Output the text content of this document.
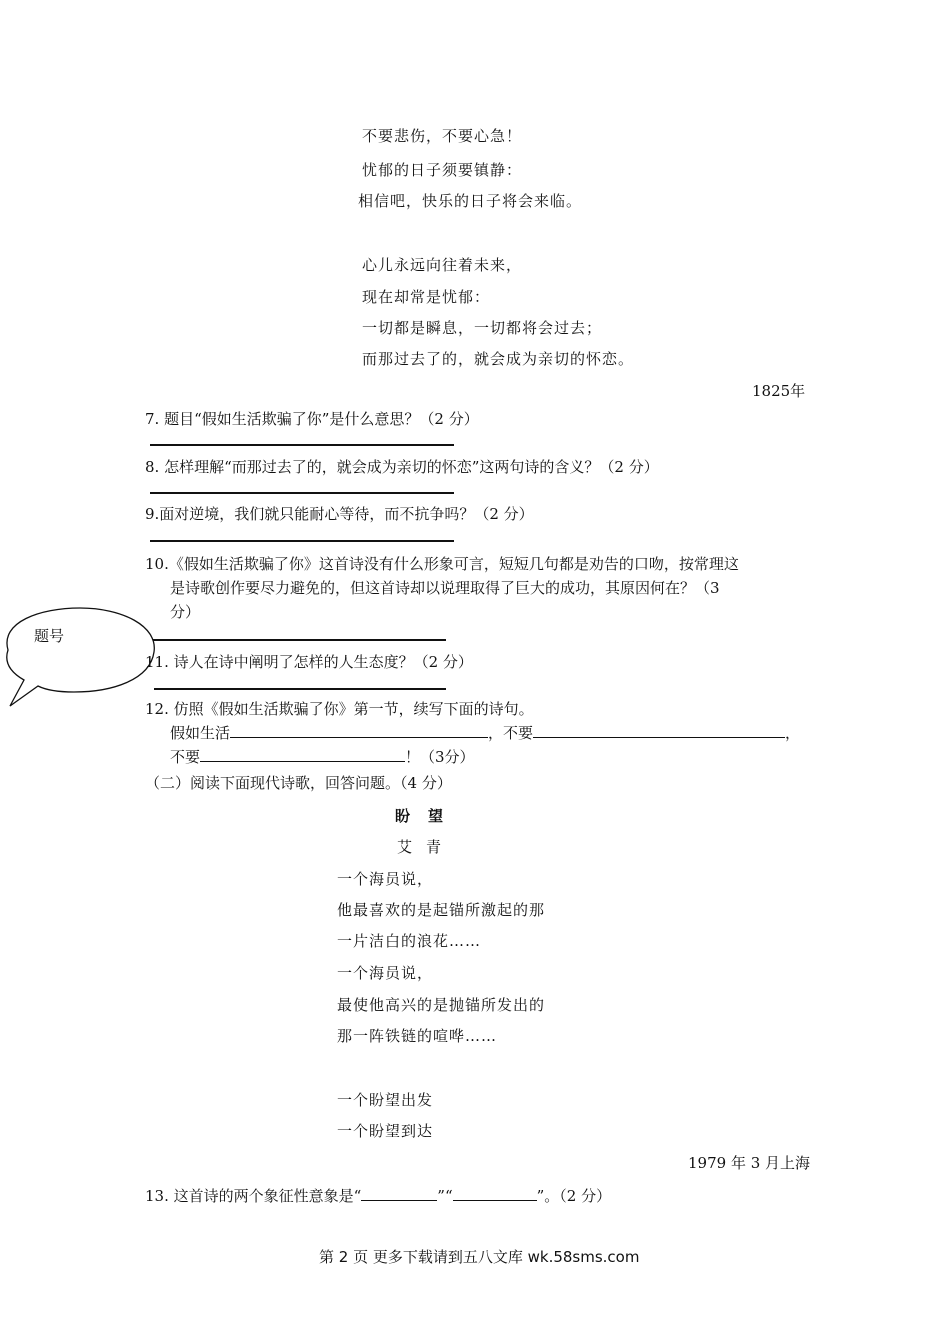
不要悲伤，不要心急！
忧郁的日子须要镇静：
相信吧，快乐的日子将会来临。
心儿永远向往着未来，
现在却常是忧郁：
一切都是瞬息，一切都将会过去；
而那过去了的，就会成为亲切的怀恋。
1825年
7. 题目“假如生活欺骗了你”是什么意思？（2 分）
8. 怎样理解“而那过去了的，就会成为亲切的怀恋”这两句诗的含义？（2 分）
9.面对逆境，我们就只能耐心等待，而不抗争吗？（2 分）
10.《假如生活欺骗了你》这首诗没有什么形象可言，短短几句都是劝告的口吻，按常理这
是诗歌创作要尽力避免的，但这首诗却以说理取得了巨大的成功，其原因何在？（3
分）
题号
11. 诗人在诗中阐明了怎样的人生态度？（2 分）
12. 仿照《假如生活欺骗了你》第一节，续写下面的诗句。
假如生活	，不要	，
不要	！（3分）
（二）阅读下面现代诗歌，回答问题。（4 分）
盼望
艾青
一个海员说，
他最喜欢的是起锚所激起的那
一片洁白的浪花……
一个海员说，
最使他高兴的是抛锚所发出的
那一阵铁链的喧哗……
一个盼望出发
一个盼望到达
1979 年 3 月上海
13. 这首诗的两个象征性意象是“	”“	”。（2 分）
第 2 页 更多下载请到五八文库 wk.58sms.com
